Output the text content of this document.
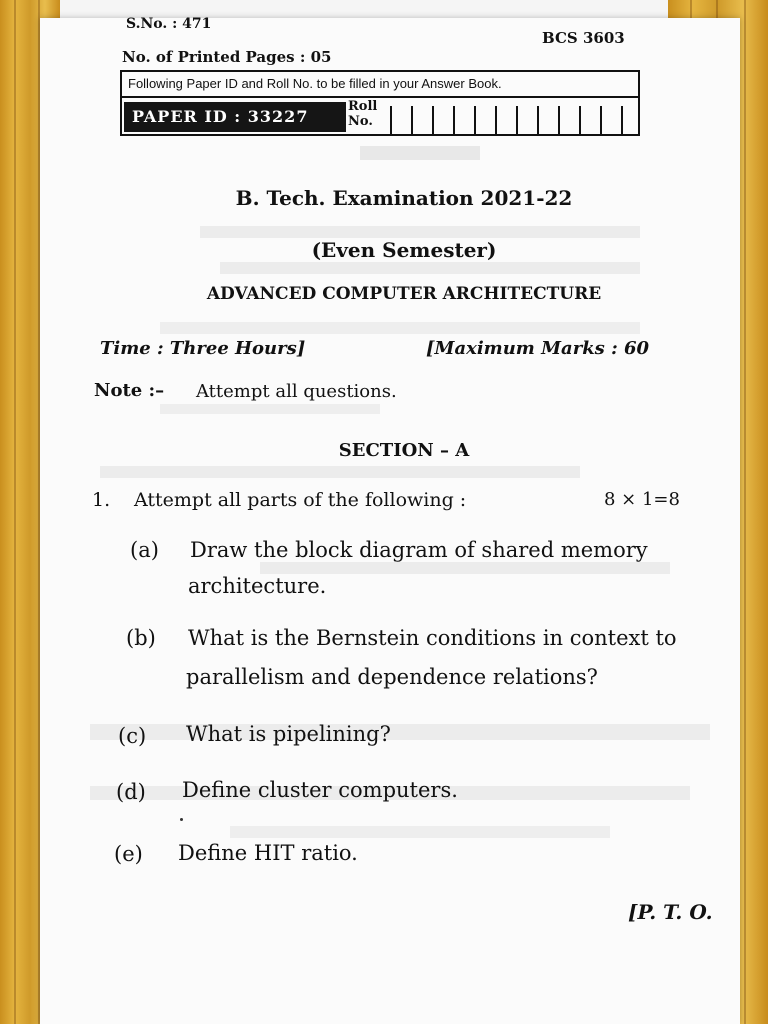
S.No. : 471
BCS 3603
No. of Printed Pages : 05
Following Paper ID and Roll No. to be filled in your Answer Book.
PAPER ID : 33227
Roll
No.
B. Tech. Examination 2021-22
(Even Semester)
ADVANCED COMPUTER ARCHITECTURE
Time : Three Hours]	[Maximum Marks : 60
Note :– Attempt all questions.
SECTION – A
1. Attempt all parts of the following :	8 × 1=8
(a) Draw the block diagram of shared memory
architecture.
(b) What is the Bernstein conditions in context to
parallelism and dependence relations?
(c) What is pipelining?
(d) Define cluster computers.
(e) Define HIT ratio.
[P. T. O.
